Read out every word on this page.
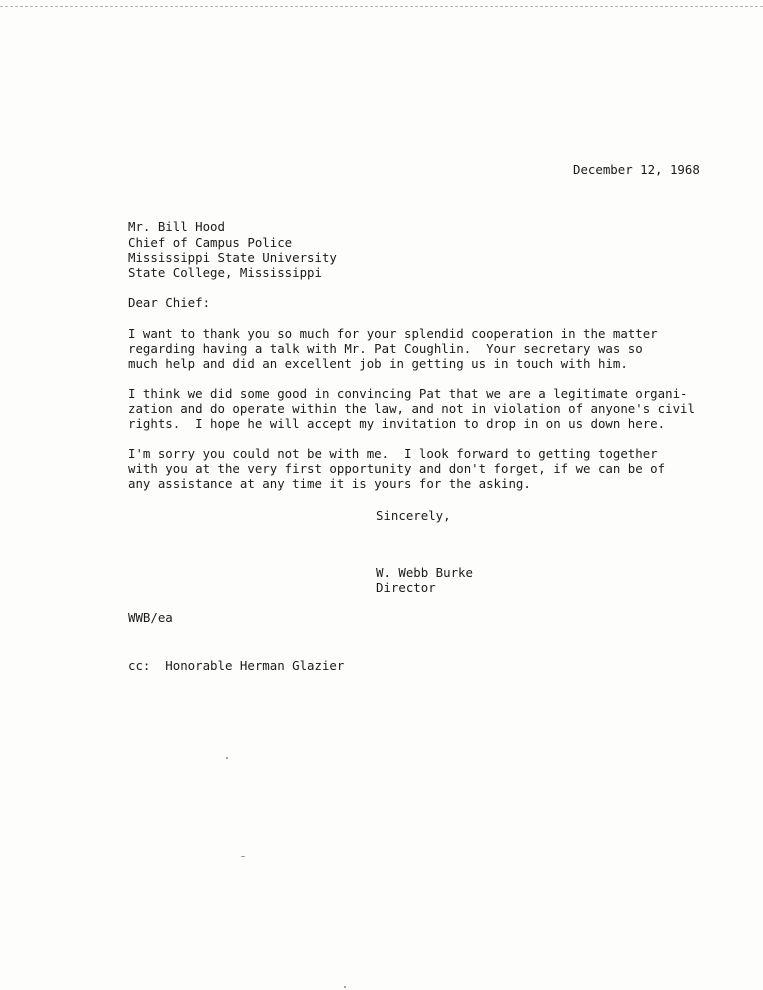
December 12, 1968
Mr. Bill Hood
Chief of Campus Police
Mississippi State University
State College, Mississippi
Dear Chief:
I want to thank you so much for your splendid cooperation in the matter
regarding having a talk with Mr. Pat Coughlin.  Your secretary was so
much help and did an excellent job in getting us in touch with him.
I think we did some good in convincing Pat that we are a legitimate organi-
zation and do operate within the law, and not in violation of anyone's civil
rights.  I hope he will accept my invitation to drop in on us down here.
I'm sorry you could not be with me.  I look forward to getting together
with you at the very first opportunity and don't forget, if we can be of
any assistance at any time it is yours for the asking.
Sincerely,
W. Webb Burke
Director
WWB/ea
cc:  Honorable Herman Glazier
